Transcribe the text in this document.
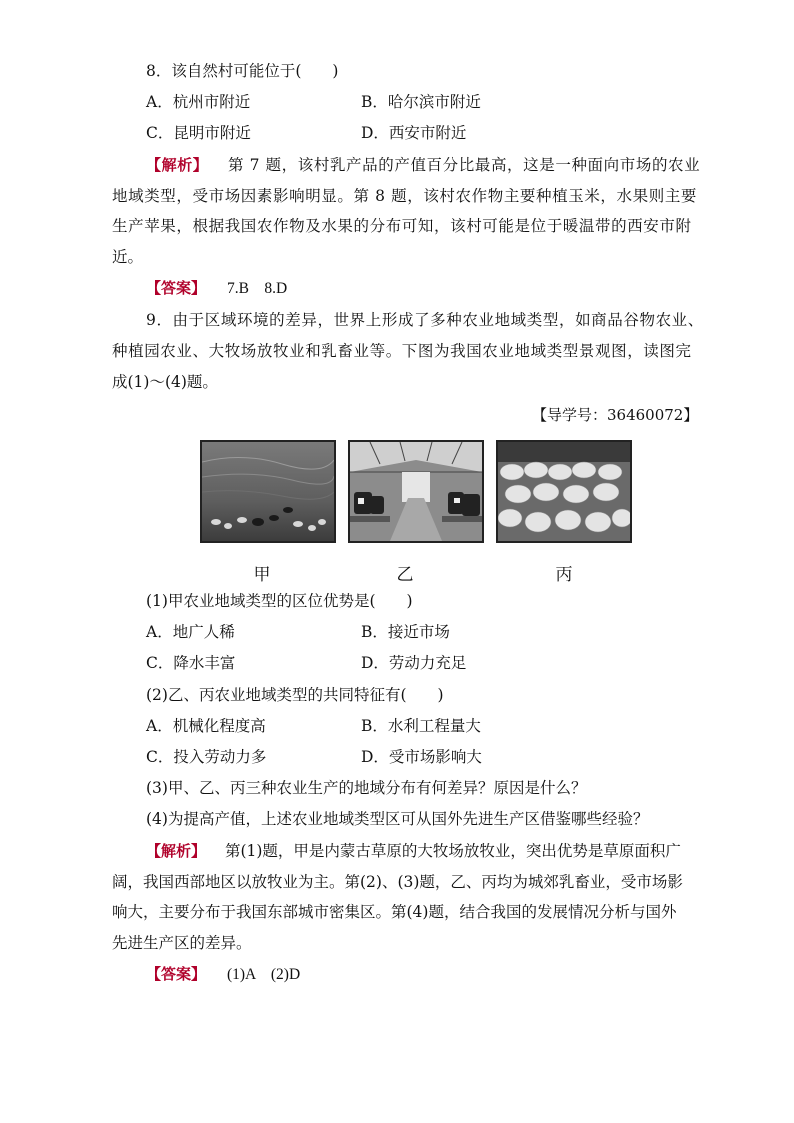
8．该自然村可能位于(　　)
A．杭州市附近	B．哈尔滨市附近
C．昆明市附近	D．西安市附近
【解析】 第 7 题，该村乳产品的产值百分比最高，这是一种面向市场的农业
地域类型，受市场因素影响明显。第 8 题，该村农作物主要种植玉米，水果则主要
生产苹果，根据我国农作物及水果的分布可知，该村可能是位于暖温带的西安市附
近。
【答案】 7.B　8.D
9．由于区域环境的差异，世界上形成了多种农业地域类型，如商品谷物农业、
种植园农业、大牧场放牧业和乳畜业等。下图为我国农业地域类型景观图，读图完
成(1)～(4)题。
【导学号：36460072】
甲	乙	丙
(1)甲农业地域类型的区位优势是(　　)
A．地广人稀	B．接近市场
C．降水丰富	D．劳动力充足
(2)乙、丙农业地域类型的共同特征有(　　)
A．机械化程度高	B．水利工程量大
C．投入劳动力多	D．受市场影响大
(3)甲、乙、丙三种农业生产的地域分布有何差异？原因是什么？
(4)为提高产值，上述农业地域类型区可从国外先进生产区借鉴哪些经验？
【解析】 第(1)题，甲是内蒙古草原的大牧场放牧业，突出优势是草原面积广
阔，我国西部地区以放牧业为主。第(2)、(3)题，乙、丙均为城郊乳畜业，受市场影
响大，主要分布于我国东部城市密集区。第(4)题，结合我国的发展情况分析与国外
先进生产区的差异。
【答案】 (1)A　(2)D
